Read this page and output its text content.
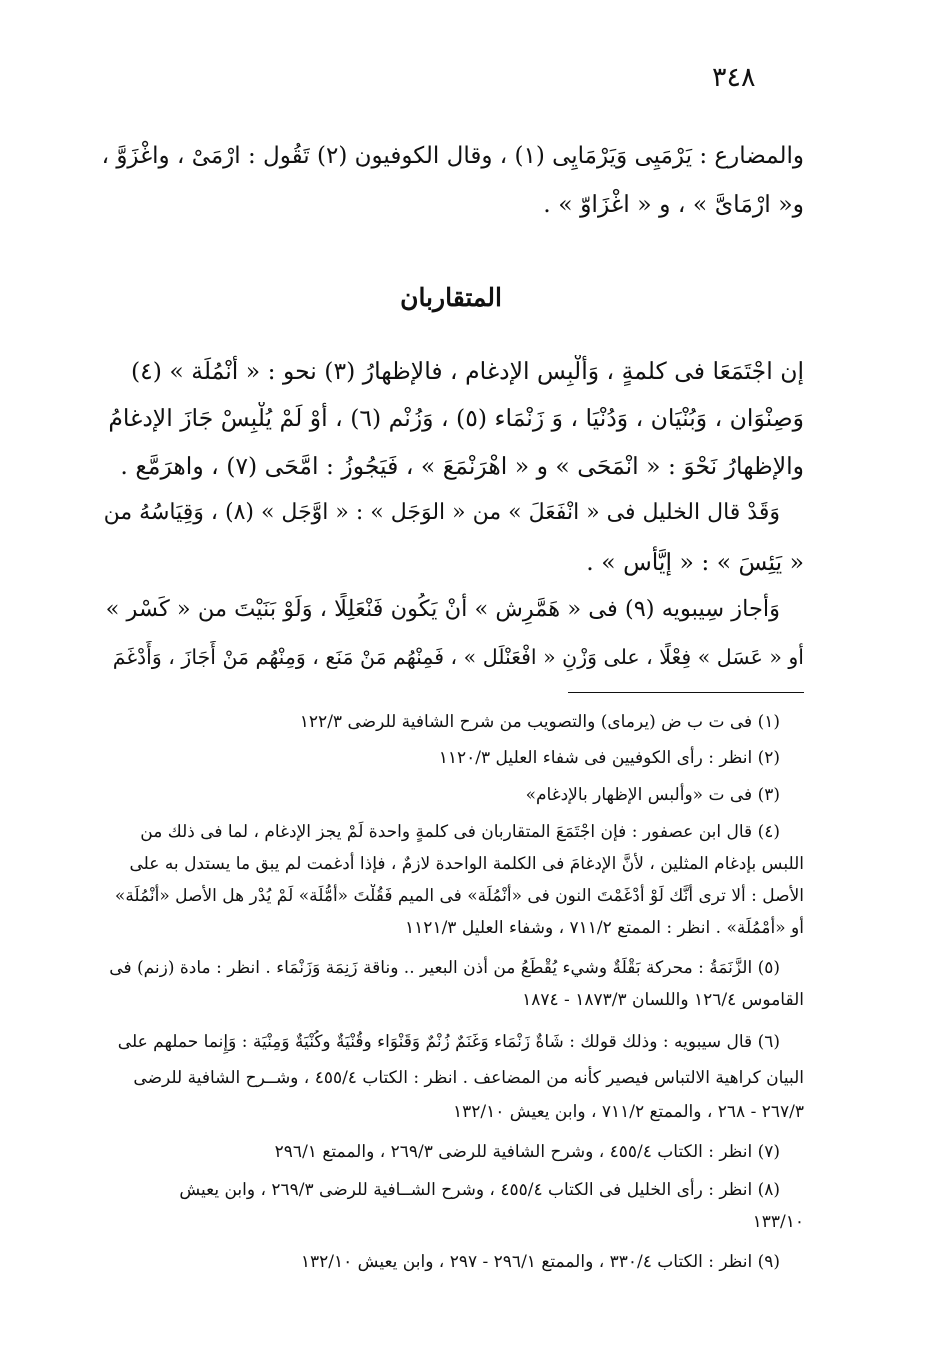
٣٤٨
والمضارع : يَرْمَيِى وَيَرْمَايِى (١) ، وقال الكوفيون (٢) تَقُول : ارْمَىْ ، واغْزَوَّ ،
و« ارْمَاىَّ » ، و « اغْزَاوّ » .
المتقاربان
إن اجْتَمَعَا فى كلمةٍ ، وَأُلْبِس الإدغام ، فالإظهارُ (٣) نحو : « أُنْمُلَة » (٤)
وَصِنْوَان ، وَبُنْيَان ، وَدُنْيَا ، وَ زَنْمَاء (٥) ، وَزُنْم (٦) ، أَوْ لَمْ يُلْبِسْ جَازَ الإدغامُ
والإظهارُ نَحْوَ : « انْمَحَى » و « اهْرَنْمَعَ » ، فَيَجُوزُ : امَّحَى (٧) ، واهرَمَّع .
وَقَدْ قال الخليل فى « انْفَعَلَ » من « الوَجَل » : « اوَّجَل » (٨) ، وَقِيَاسُهُ من
« يَئِسَ » : « إيَّأَس » .
وَأَجاز سِيبويه (٩) فى « هَمَّرِش » أَنْ يَكُون فَنْعَلِلًا ، وَلَوْ بَنَيْتَ من « كَسْر »
أو « عَسَل » فِعْلًا ، على وَزْنِ « افْعَنْلَل » ، فَمِنْهُم مَنْ مَنَع ، وَمِنْهُم مَنْ أَجَازَ ، وَأَدْغَمَ
(١) فى ت ب ض (يرماى) والتصويب من شرح الشافية للرضى ١٢٢/٣
(٢) انظر : رأى الكوفيين فى شفاء العليل ١١٢٠/٣
(٣) فى ت «وألبس الإظهار بالإدغام»
(٤) قال ابن عصفور : فإن اجْتَمَعَ المتقاربان فى كلمةٍ واحدة لَمْ يجز الإدغام ، لما فى ذلك من
اللبس بإدغام المثلين ، لأنَّ الإدغامَ فى الكلمة الواحدة لازمٌ ، فإذا أدغمت لم يبق ما يستدل به على
الأصل : ألا ترى أَنَّك لَوْ أَدْغَمْتَ النون فى «أُنْمُلَة» فى الميم فَقُلْتَ «أُمُّلَة» لَمْ يُدْر هل الأصل «أُنْمُلَة»
أو «أُمْمُلَة» . انظر : الممتع ٧١١/٢ ، وشفاء العليل ١١٢١/٣
(٥) الزَّنَمَةُ : محركة بَقْلَةٌ وشيء يُقْطَعُ من أذن البعير .. وناقة زَنِمَة وَزَنْمَاء . انظر : مادة (زنم) فى
القاموس ١٢٦/٤ واللسان ١٨٧٣/٣ - ١٨٧٤
(٦) قال سيبويه : وذلك قولك : شَاةٌ زَنْمَاء وَغَنَمٌ زُنْمٌ وَقَنْوَاء وقُنْيَةٌ وكُنْيَةٌ وَمِنْيَة : وَإِنما حملهم على
البيان كراهية الالتباس فيصير كأنه من المضاعف . انظر : الكتاب ٤٥٥/٤ ، وشــرح الشافية للرضى
٢٦٧/٣ - ٢٦٨ ، والممتع ٧١١/٢ ، وابن يعيش ١٣٢/١٠
(٧) انظر : الكتاب ٤٥٥/٤ ، وشرح الشافية للرضى ٢٦٩/٣ ، والممتع ٢٩٦/١
(٨) انظر : رأى الخليل فى الكتاب ٤٥٥/٤ ، وشرح الشــافية للرضى ٢٦٩/٣ ، وابن يعيش
١٣٣/١٠
(٩) انظر : الكتاب ٣٣٠/٤ ، والممتع ٢٩٦/١ - ٢٩٧ ، وابن يعيش ١٣٢/١٠
